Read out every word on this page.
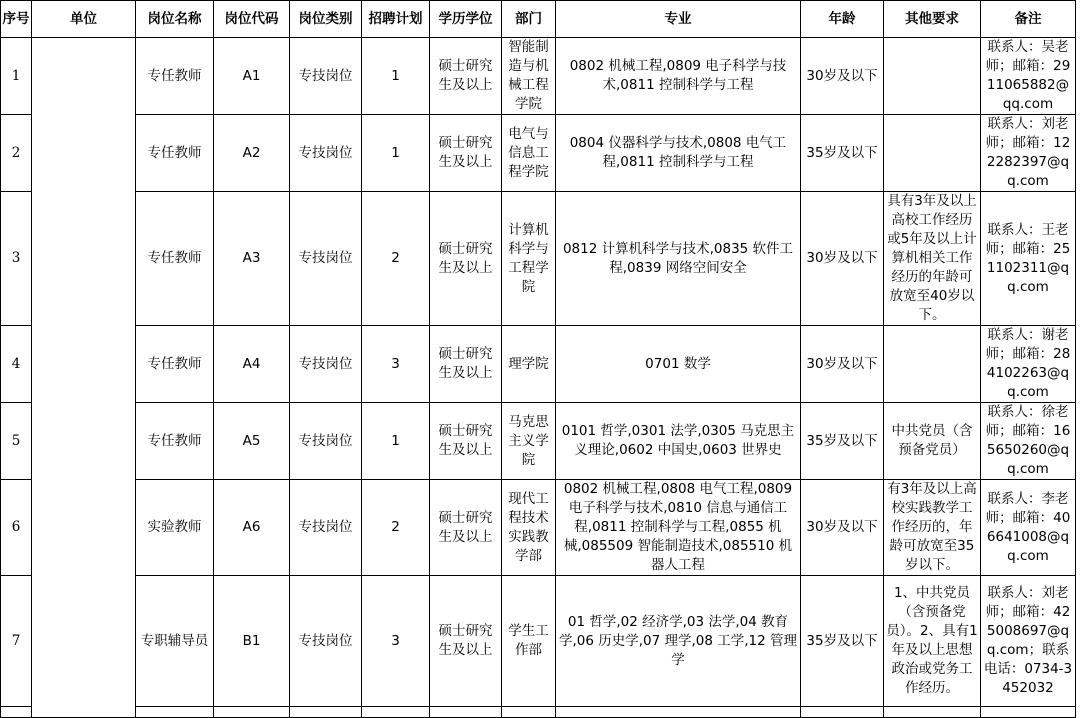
序号	单位	岗位名称	岗位代码	岗位类别	招聘计划	学历学位	部门	专业	年龄	其他要求	备注
1		专任教师	A1	专技岗位	1	硕士研究生及以上	智能制造与机械工程学院	0802 机械工程,0809 电子科学与技术,0811 控制科学与工程	30岁及以下		联系人：吴老师；邮箱：2911065882@qq.com

2		专任教师	A2	专技岗位	1	硕士研究生及以上	电气与信息工程学院	0804 仪器科学与技术,0808 电气工程,0811 控制科学与工程	35岁及以下		联系人：刘老师；邮箱：122282397@qq.com

3		专任教师	A3	专技岗位	2	硕士研究生及以上	计算机科学与工程学院	0812 计算机科学与技术,0835 软件工程,0839 网络空间安全	30岁及以下	具有3年及以上高校工作经历或5年及以上计算机相关工作经历的年龄可放宽至40岁以下。	联系人：王老师；邮箱：251102311@qq.com

4		专任教师	A4	专技岗位	3	硕士研究生及以上	理学院	0701 数学	30岁及以下		联系人：谢老师；邮箱：284102263@qq.com

5		专任教师	A5	专技岗位	1	硕士研究生及以上	马克思主义学院	0101 哲学,0301 法学,0305 马克思主义理论,0602 中国史,0603 世界史	35岁及以下	中共党员（含预备党员）	联系人：徐老师；邮箱：165650260@qq.com

6		实验教师	A6	专技岗位	2	硕士研究生及以上	现代工程技术实践教学部	0802 机械工程,0808 电气工程,0809 电子科学与技术,0810 信息与通信工程,0811 控制科学与工程,0855 机械,085509 智能制造技术,085510 机器人工程	30岁及以下	有3年及以上高校实践教学工作经历的，年龄可放宽至35岁以下。	联系人：李老师；邮箱：406641008@qq.com

7		专职辅导员	B1	专技岗位	3	硕士研究生及以上	学生工作部	01 哲学,02 经济学,03 法学,04 教育学,06 历史学,07 理学,08 工学,12 管理学	35岁及以下	1、中共党员（含预备党员）。2、具有1年及以上思想政治或党务工作经历。	联系人：刘老师；邮箱：425008697@qq.com；联系电话：0734-3452032
